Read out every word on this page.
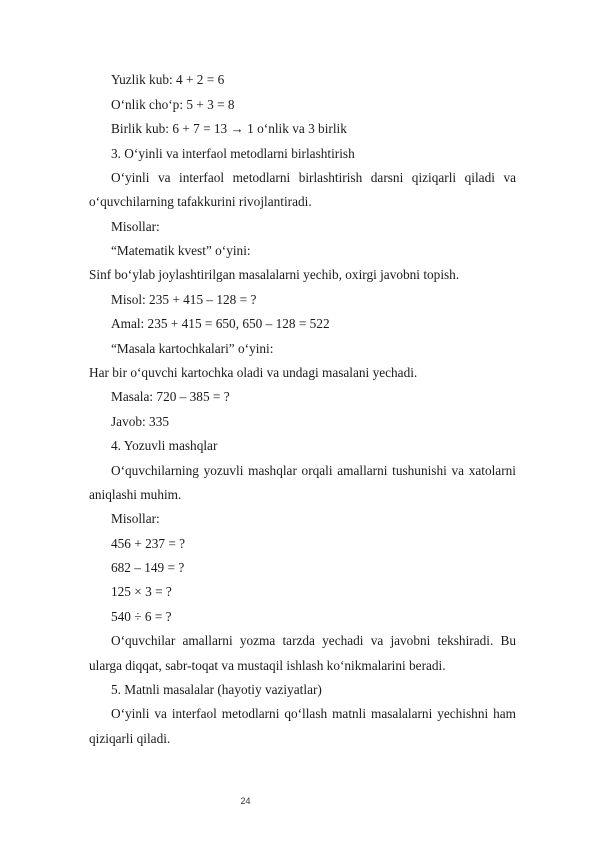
Yuzlik kub: 4 + 2 = 6
O‘nlik cho‘p: 5 + 3 = 8
Birlik kub: 6 + 7 = 13 → 1 o‘nlik va 3 birlik
3. O‘yinli va interfaol metodlarni birlashtirish
O‘yinli va interfaol metodlarni birlashtirish darsni qiziqarli qiladi va
o‘quvchilarning tafakkurini rivojlantiradi.
Misollar:
“Matematik kvest” o‘yini:
Sinf bo‘ylab joylashtirilgan masalalarni yechib, oxirgi javobni topish.
Misol: 235 + 415 – 128 = ?
Amal: 235 + 415 = 650, 650 – 128 = 522
“Masala kartochkalari” o‘yini:
Har bir o‘quvchi kartochka oladi va undagi masalani yechadi.
Masala: 720 – 385 = ?
Javob: 335
4. Yozuvli mashqlar
O‘quvchilarning yozuvli mashqlar orqali amallarni tushunishi va xatolarni
aniqlashi muhim.
Misollar:
456 + 237 = ?
682 – 149 = ?
125 × 3 = ?
540 ÷ 6 = ?
O‘quvchilar amallarni yozma tarzda yechadi va javobni tekshiradi. Bu
ularga diqqat, sabr-toqat va mustaqil ishlash ko‘nikmalarini beradi.
5. Matnli masalalar (hayotiy vaziyatlar)
O‘yinli va interfaol metodlarni qo‘llash matnli masalalarni yechishni ham
qiziqarli qiladi.
24
